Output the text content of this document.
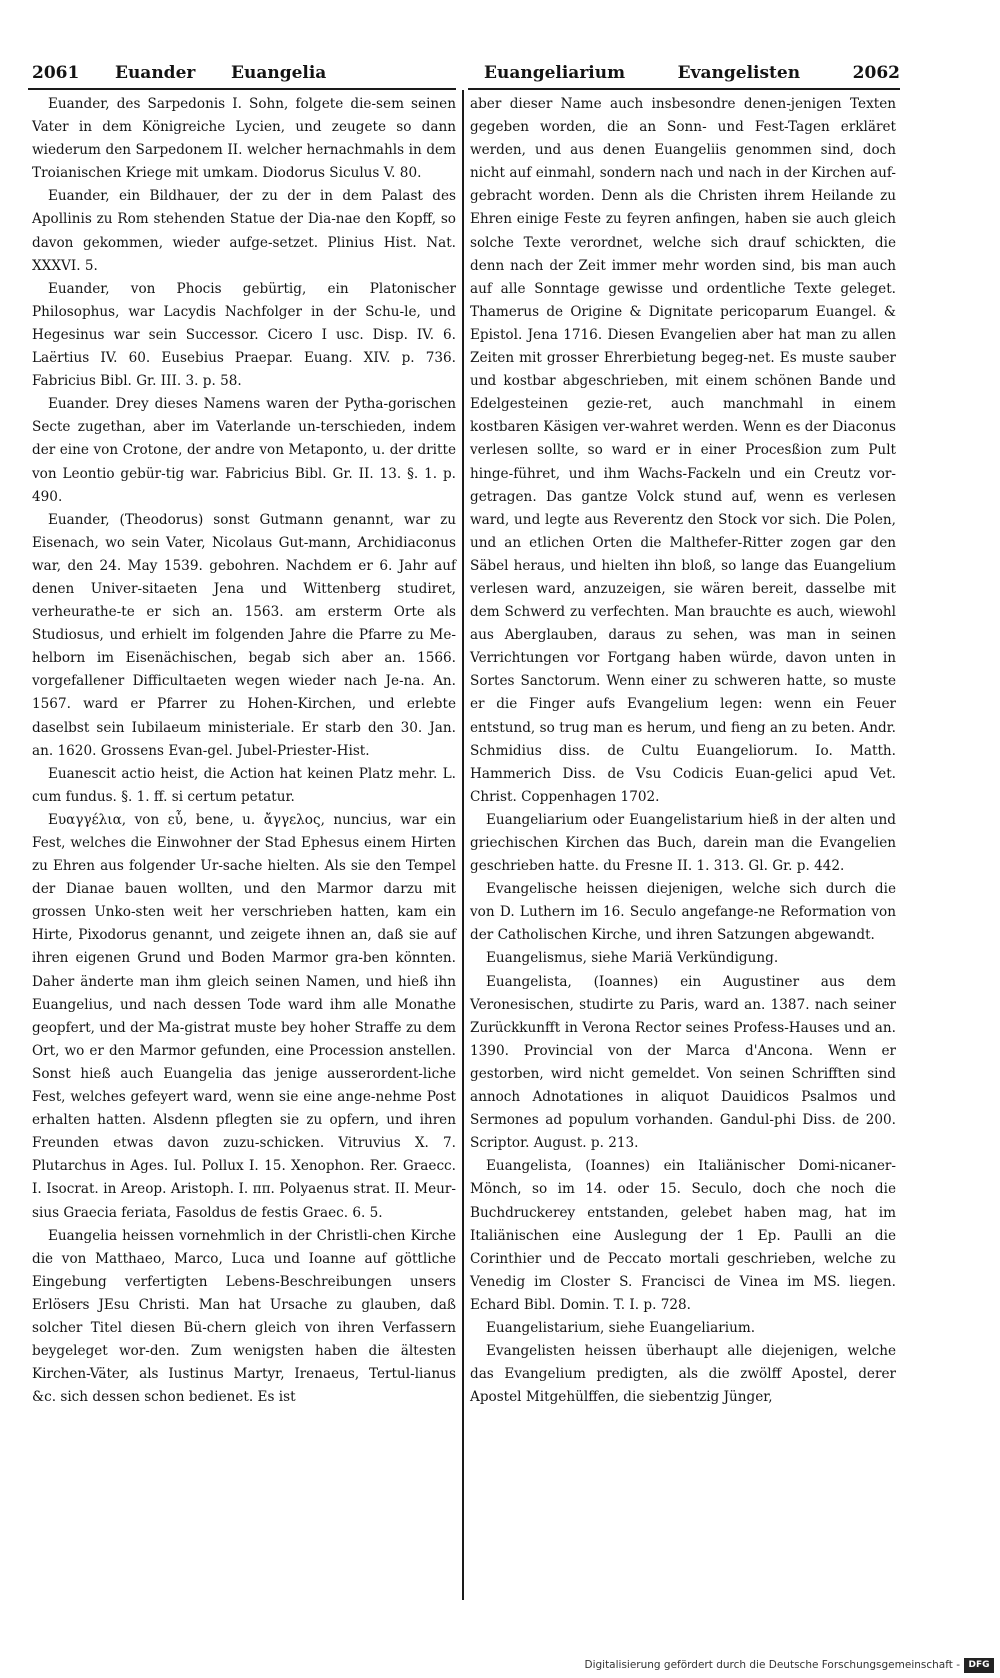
2061 Euander Euangelia	Euangeliarium	Evangelisten	2062

Euander, des Sarpedonis I. Sohn, folgete die-sem seinen Vater in dem Königreiche Lycien, und zeugete so dann wiederum den Sarpedonem II. welcher hernachmahls in dem Troianischen Kriege mit umkam. Diodorus Siculus V. 80.

Euander, ein Bildhauer, der zu der in dem Palast des Apollinis zu Rom stehenden Statue der Dia-nae den Kopff, so davon gekommen, wieder aufge-setzet. Plinius Hist. Nat. XXXVI. 5.

Euander, von Phocis gebürtig, ein Platonischer Philosophus, war Lacydis Nachfolger in der Schu-le, und Hegesinus war sein Successor. Cicero I usc. Disp. IV. 6. Laërtius IV. 60. Eusebius Praepar. Euang. XIV. p. 736. Fabricius Bibl. Gr. III. 3. p. 58.

Euander. Drey dieses Namens waren der Pytha-gorischen Secte zugethan, aber im Vaterlande un-terschieden, indem der eine von Crotone, der andre von Metaponto, u. der dritte von Leontio gebür-tig war. Fabricius Bibl. Gr. II. 13. §. 1. p. 490.

Euander, (Theodorus) sonst Gutmann genannt, war zu Eisenach, wo sein Vater, Nicolaus Gut-mann, Archidiaconus war, den 24. May 1539. gebohren. Nachdem er 6. Jahr auf denen Univer-sitaeten Jena und Wittenberg studiret, verheurathe-te er sich an. 1563. am ersterm Orte als Studiosus, und erhielt im folgenden Jahre die Pfarre zu Me-helborn im Eisenächischen, begab sich aber an. 1566. vorgefallener Difficultaeten wegen wieder nach Je-na. An. 1567. ward er Pfarrer zu Hohen-Kirchen, und erlebte daselbst sein Iubilaeum ministeriale. Er starb den 30. Jan. an. 1620. Grossens Evan-gel. Jubel-Priester-Hist.

Euanescit actio heist, die Action hat keinen Platz mehr. L. cum fundus. §. 1. ff. si certum petatur.

Ευαγγέλια, von εὖ, bene, u. ἄγγελος, nuncius, war ein Fest, welches die Einwohner der Stad Ephesus einem Hirten zu Ehren aus folgender Ur-sache hielten. Als sie den Tempel der Dianae bauen wollten, und den Marmor darzu mit grossen Unko-sten weit her verschrieben hatten, kam ein Hirte, Pixodorus genannt, und zeigete ihnen an, daß sie auf ihren eigenen Grund und Boden Marmor gra-ben könnten. Daher änderte man ihm gleich seinen Namen, und hieß ihn Euangelius, und nach dessen Tode ward ihm alle Monathe geopfert, und der Ma-gistrat muste bey hoher Straffe zu dem Ort, wo er den Marmor gefunden, eine Procession anstellen. Sonst hieß auch Euangelia das jenige ausserordent-liche Fest, welches gefeyert ward, wenn sie eine ange-nehme Post erhalten hatten. Alsdenn pflegten sie zu opfern, und ihren Freunden etwas davon zuzu-schicken. Vitruvius X. 7. Plutarchus in Ages. Iul. Pollux I. 15. Xenophon. Rer. Graecc. I. Isocrat. in Areop. Aristoph. I. ππ. Polyaenus strat. II. Meur-sius Graecia feriata, Fasoldus de festis Graec. 6. 5.

Euangelia heissen vornehmlich in der Christli-chen Kirche die von Matthaeo, Marco, Luca und Ioanne auf göttliche Eingebung verfertigten Lebens-Beschreibungen unsers Erlösers JEsu Christi. Man hat Ursache zu glauben, daß solcher Titel diesen Bü-chern gleich von ihren Verfassern beygeleget wor-den. Zum wenigsten haben die ältesten Kirchen-Väter, als Iustinus Martyr, Irenaeus, Tertul-lianus &c. sich dessen schon bedienet. Es ist

aber dieser Name auch insbesondre denen-jenigen Texten gegeben worden, die an Sonn- und Fest-Tagen erkläret werden, und aus denen Euangeliis genommen sind, doch nicht auf einmahl, sondern nach und nach in der Kirchen auf-gebracht worden. Denn als die Christen ihrem Heilande zu Ehren einige Feste zu feyren anfingen, haben sie auch gleich solche Texte verordnet, welche sich drauf schickten, die denn nach der Zeit immer mehr worden sind, bis man auch auf alle Sonntage gewisse und ordentliche Texte geleget. Thamerus de Origine & Dignitate pericoparum Euangel. & Epistol. Jena 1716. Diesen Evangelien aber hat man zu allen Zeiten mit grosser Ehrerbietung begeg-net. Es muste sauber und kostbar abgeschrieben, mit einem schönen Bande und Edelgesteinen gezie-ret, auch manchmahl in einem kostbaren Käsigen ver-wahret werden. Wenn es der Diaconus verlesen sollte, so ward er in einer Procesßion zum Pult hinge-führet, und ihm Wachs-Fackeln und ein Creutz vor-getragen. Das gantze Volck stund auf, wenn es verlesen ward, und legte aus Reverentz den Stock vor sich. Die Polen, und an etlichen Orten die Malthefer-Ritter zogen gar den Säbel heraus, und hielten ihn bloß, so lange das Euangelium verlesen ward, anzuzeigen, sie wären bereit, dasselbe mit dem Schwerd zu verfechten. Man brauchte es auch, wiewohl aus Aberglauben, daraus zu sehen, was man in seinen Verrichtungen vor Fortgang haben würde, davon unten in Sortes Sanctorum. Wenn einer zu schweren hatte, so muste er die Finger aufs Evangelium legen: wenn ein Feuer entstund, so trug man es herum, und fieng an zu beten. Andr. Schmidius diss. de Cultu Euangeliorum. Io. Matth. Hammerich Diss. de Vsu Codicis Euan-gelici apud Vet. Christ. Coppenhagen 1702.

Euangeliarium oder Euangelistarium hieß in der alten und griechischen Kirchen das Buch, darein man die Evangelien geschrieben hatte. du Fresne II. 1. 313. Gl. Gr. p. 442.

Evangelische heissen diejenigen, welche sich durch die von D. Luthern im 16. Seculo angefange-ne Reformation von der Catholischen Kirche, und ihren Satzungen abgewandt.

Euangelismus, siehe Mariä Verkündigung.

Euangelista, (Ioannes) ein Augustiner aus dem Veronesischen, studirte zu Paris, ward an. 1387. nach seiner Zurückkunfft in Verona Rector seines Profess-Hauses und an. 1390. Provincial von der Marca d'Ancona. Wenn er gestorben, wird nicht gemeldet. Von seinen Schrifften sind annoch Adnotationes in aliquot Dauidicos Psalmos und Sermones ad populum vorhanden. Gandul-phi Diss. de 200. Scriptor. August. p. 213.

Euangelista, (Ioannes) ein Italiänischer Domi-nicaner-Mönch, so im 14. oder 15. Seculo, doch che noch die Buchdruckerey entstanden, gelebet haben mag, hat im Italiänischen eine Auslegung der 1 Ep. Paulli an die Corinthier und de Peccato mortali geschrieben, welche zu Venedig im Closter S. Francisci de Vinea im MS. liegen. Echard Bibl. Domin. T. I. p. 728.

Euangelistarium, siehe Euangeliarium.

Evangelisten heissen überhaupt alle diejenigen, welche das Evangelium predigten, als die zwölff Apostel, derer Apostel Mitgehülffen, die siebentzig Jünger,

Digitalisierung gefördert durch die Deutsche Forschungsgemeinschaft - DFG
